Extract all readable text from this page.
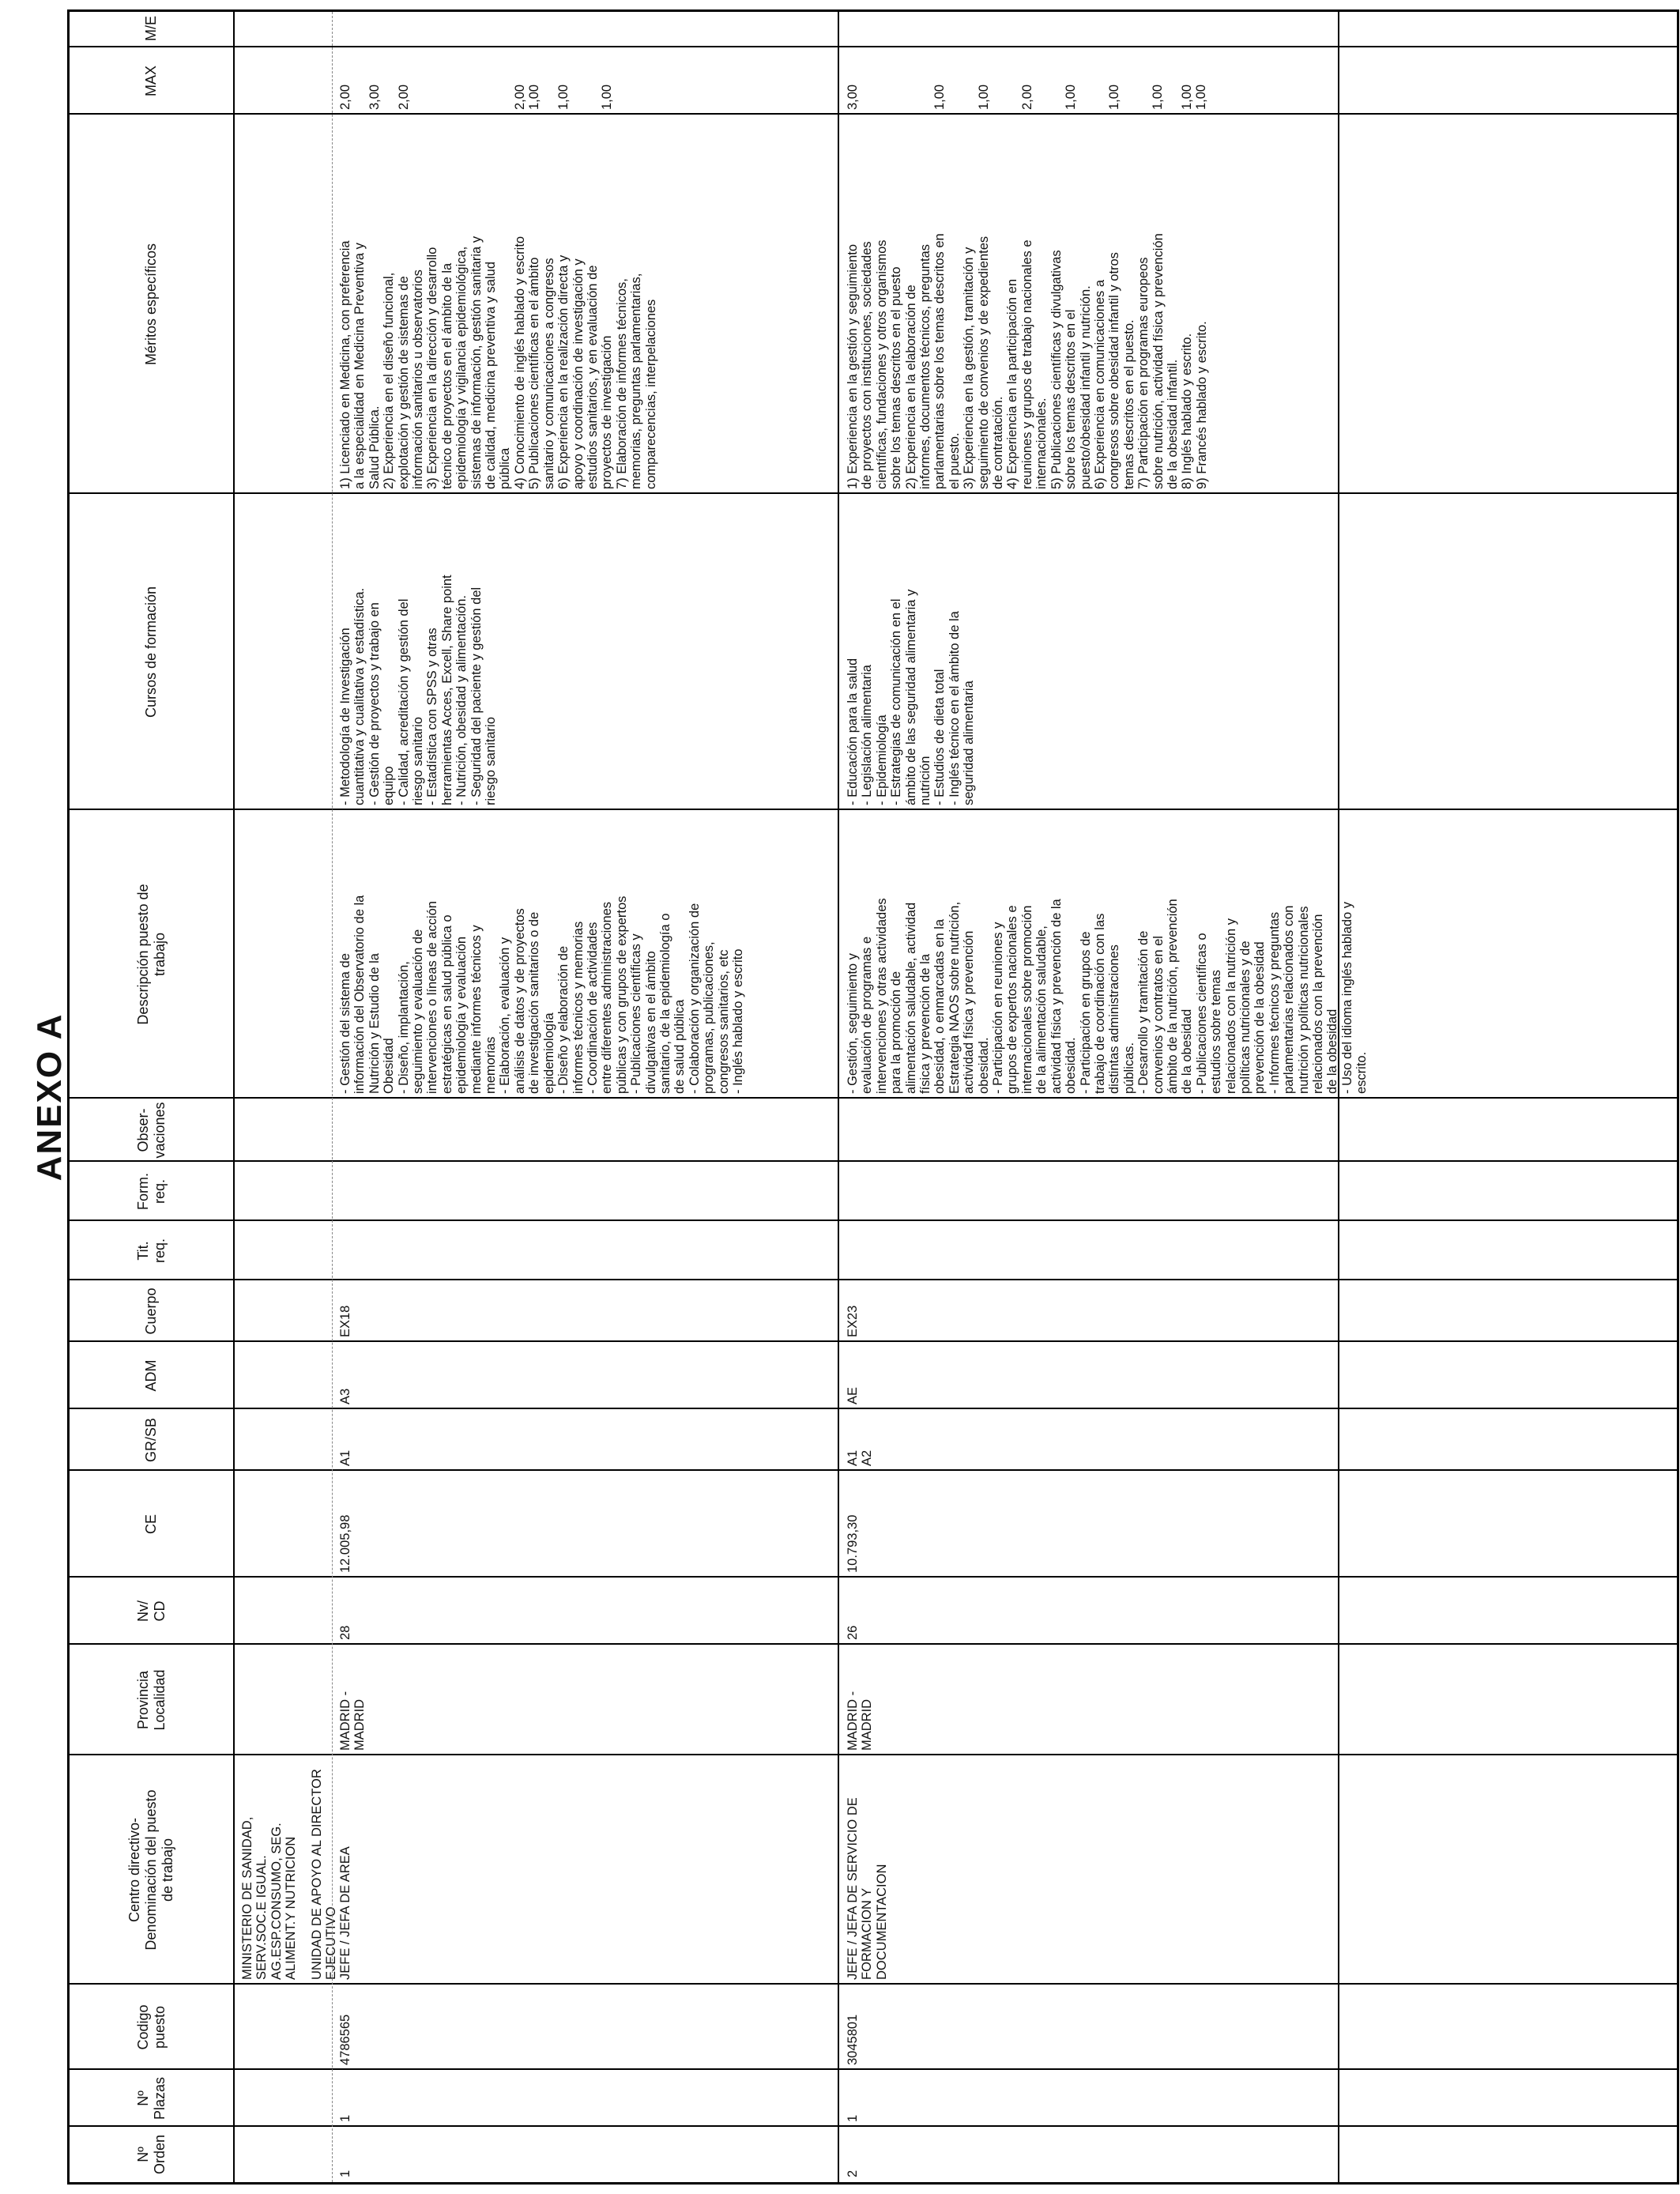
ANEXO A
Nº
Orden
Nº
Plazas
Codigo
puesto
Centro directivo-
Denominación del puesto
de trabajo
Provincia
Localidad
Nv/
CD
CE
GR/SB
ADM
Cuerpo
Tit.
req.
Form.
req.
Obser-
vaciones
Descripción puesto de
trabajo
Cursos de formación
Méritos específicos
MAX
M/E
MINISTERIO DE SANIDAD, SERV.SOC.E IGUAL.
AG.ESP.CONSUMO, SEG. ALIMENT.Y NUTRICION UNIDAD DE APOYO AL DIRECTOR EJECUTIVO
1
1
4786565
JEFE / JEFA DE AREA
MADRID -
MADRID
28
12.005,98
A1
A3
EX18
- Gestión del sistema de
información del Observatorio de la
Nutrición y Estudio de la
Obesidad
- Diseño, implantación,
seguimiento y evaluación de
intervenciones o líneas de acción
estratégicas en salud pública o
epidemiología y evaluación
mediante informes técnicos y
memorias
- Elaboración, evaluación y
análisis de datos y de proyectos
de investigación sanitarios o de
epidemiología
- Diseño y elaboración de
informes técnicos y memorias
- Coordinación de actividades
entre diferentes administraciones
públicas y con grupos de expertos
- Publicaciones científicas y
divulgativas en el ámbito
sanitario, de la epidemiología o
de salud pública
- Colaboración y organización de
programas, publicaciones,
congresos sanitarios, etc
- Inglés hablado y escrito
- Metodología de Investigación
cuantitativa y cualitativa y estadística.
- Gestión de proyectos y trabajo en
equipo
- Calidad, acreditación y gestión del
riesgo sanitario
- Estadística con SPSS y otras
herramientas Acces, Excell, Share point
- Nutrición, obesidad y alimentación.
- Seguridad del paciente y gestión del
riesgo sanitario
1) Licenciado en Medicina, con preferencia
a la especialidad en Medicina Preventiva y
Salud Pública.
2) Experiencia en el diseño funcional,
explotación y gestión de sistemas de
información sanitarios u observatorios
3) Experiencia en la dirección y desarrollo
técnico de proyectos en el ámbito de la
epidemiología y vigilancia epidemiológica,
sistemas de información, gestión sanitaria y
de calidad, medicina preventiva y salud
pública
4) Conocimiento de inglés hablado y escrito
5) Publicaciones científicas en el ámbito
sanitario y comunicaciones a congresos
6) Experiencia en la realización directa y
apoyo y coordinación de investigación y
estudios sanitarios, y en evaluación de
proyectos de investigación
7) Elaboración de informes técnicos,
memorias, preguntas parlamentarias,
comparecencias, interpelaciones
2,00 3,00 2,00	2,00 1,00 1,00 1,00
2
1
3045801
JEFE / JEFA DE SERVICIO DE
FORMACION Y
DOCUMENTACION
MADRID -
MADRID
26
10.793,30
A1
A2
AE
EX23
- Gestión, seguimiento y
evaluación de programas e
intervenciones y otras actividades
para la promoción de
alimentación saludable, actividad
física y prevención de la
obesidad, o enmarcadas en la
Estrategia NAOS sobre nutrición,
actividad física y prevención
obesidad.
- Participación en reuniones y
grupos de expertos nacionales e
internacionales sobre promoción
de la alimentación saludable,
actividad física y prevención de la
obesidad.
- Participación en grupos de
trabajo de coordinación con las
distintas administraciones
públicas.
- Desarrollo y tramitación de
convenios y contratos en el
ámbito de la nutrición, prevención
de la obesidad
- Publicaciones científicas o
estudios sobre temas
relacionados con la nutrición y
políticas nutricionales y de
prevención de la obesidad
- Informes técnicos y preguntas
parlamentarias relacionados con
nutrición y políticas nutricionales
relacionados con la prevención
de la obesidad
- Uso del idioma inglés hablado y
escrito.
- Educación para la salud
- Legislación alimentaria
- Epidemiología
- Estrategias de comunicación en el
ámbito de las seguridad alimentaria y
nutrición
- Estudios de dieta total
- Inglés técnico en el ámbito de la
seguridad alimentaria
1) Experiencia en la gestión y seguimiento
de proyectos con instituciones, sociedades
científicas, fundaciones y otros organismos
sobre los temas descritos en el puesto
2) Experiencia en la elaboración de
informes, documentos técnicos, preguntas
parlamentarias sobre los temas descritos en
el puesto.
3) Experiencia en la gestión, tramitación y
seguimiento de convenios y de expedientes
de contratación.
4) Experiencia en la participación en
reuniones y grupos de trabajo nacionales e
internacionales.
5) Publicaciones científicas y divulgativas
sobre los temas descritos en el
puesto/obesidad infantil y nutrición.
6) Experiencia en comunicaciones a
congresos sobre obesidad infantil y otros
temas descritos en el puesto.
7) Participación en programas europeos
sobre nutrición, actividad física y prevención
de la obesidad infantil.
8) Inglés hablado y escrito.
9) Francés hablado y escrito.
3,00	1,00 1,00 2,00 1,00 1,00 1,00 1,00 1,00
